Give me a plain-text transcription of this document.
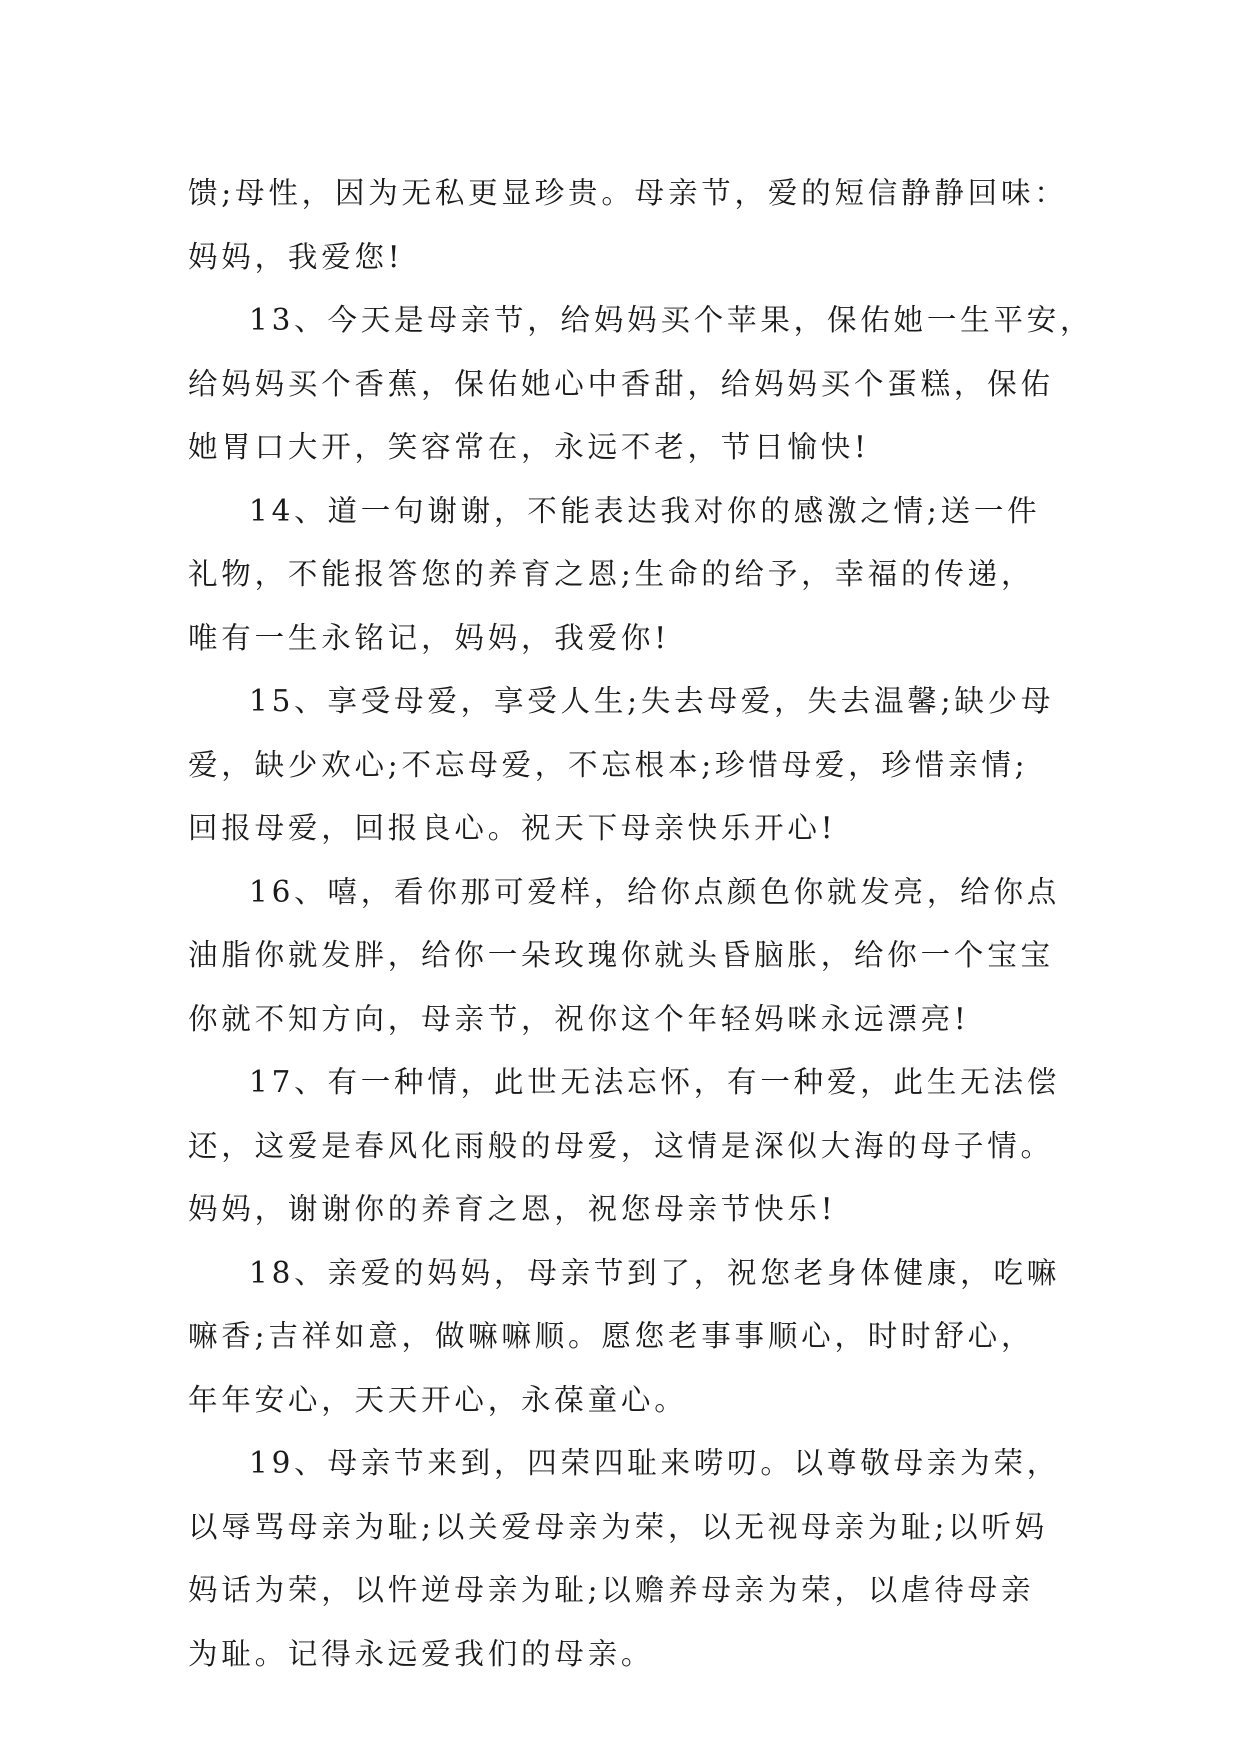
馈;母性，因为无私更显珍贵。母亲节，爱的短信静静回味：
妈妈，我爱您!
13、今天是母亲节，给妈妈买个苹果，保佑她一生平安，
给妈妈买个香蕉，保佑她心中香甜，给妈妈买个蛋糕，保佑
她胃口大开，笑容常在，永远不老，节日愉快!
14、道一句谢谢，不能表达我对你的感激之情;送一件
礼物，不能报答您的养育之恩;生命的给予，幸福的传递，
唯有一生永铭记，妈妈，我爱你!
15、享受母爱，享受人生;失去母爱，失去温馨;缺少母
爱，缺少欢心;不忘母爱，不忘根本;珍惜母爱，珍惜亲情;
回报母爱，回报良心。祝天下母亲快乐开心!
16、嘻，看你那可爱样，给你点颜色你就发亮，给你点
油脂你就发胖，给你一朵玫瑰你就头昏脑胀，给你一个宝宝
你就不知方向，母亲节，祝你这个年轻妈咪永远漂亮!
17、有一种情，此世无法忘怀，有一种爱，此生无法偿
还，这爱是春风化雨般的母爱，这情是深似大海的母子情。
妈妈，谢谢你的养育之恩，祝您母亲节快乐!
18、亲爱的妈妈，母亲节到了，祝您老身体健康，吃嘛
嘛香;吉祥如意，做嘛嘛顺。愿您老事事顺心，时时舒心，
年年安心，天天开心，永葆童心。
19、母亲节来到，四荣四耻来唠叨。以尊敬母亲为荣，
以辱骂母亲为耻;以关爱母亲为荣，以无视母亲为耻;以听妈
妈话为荣，以忤逆母亲为耻;以赡养母亲为荣，以虐待母亲
为耻。记得永远爱我们的母亲。
